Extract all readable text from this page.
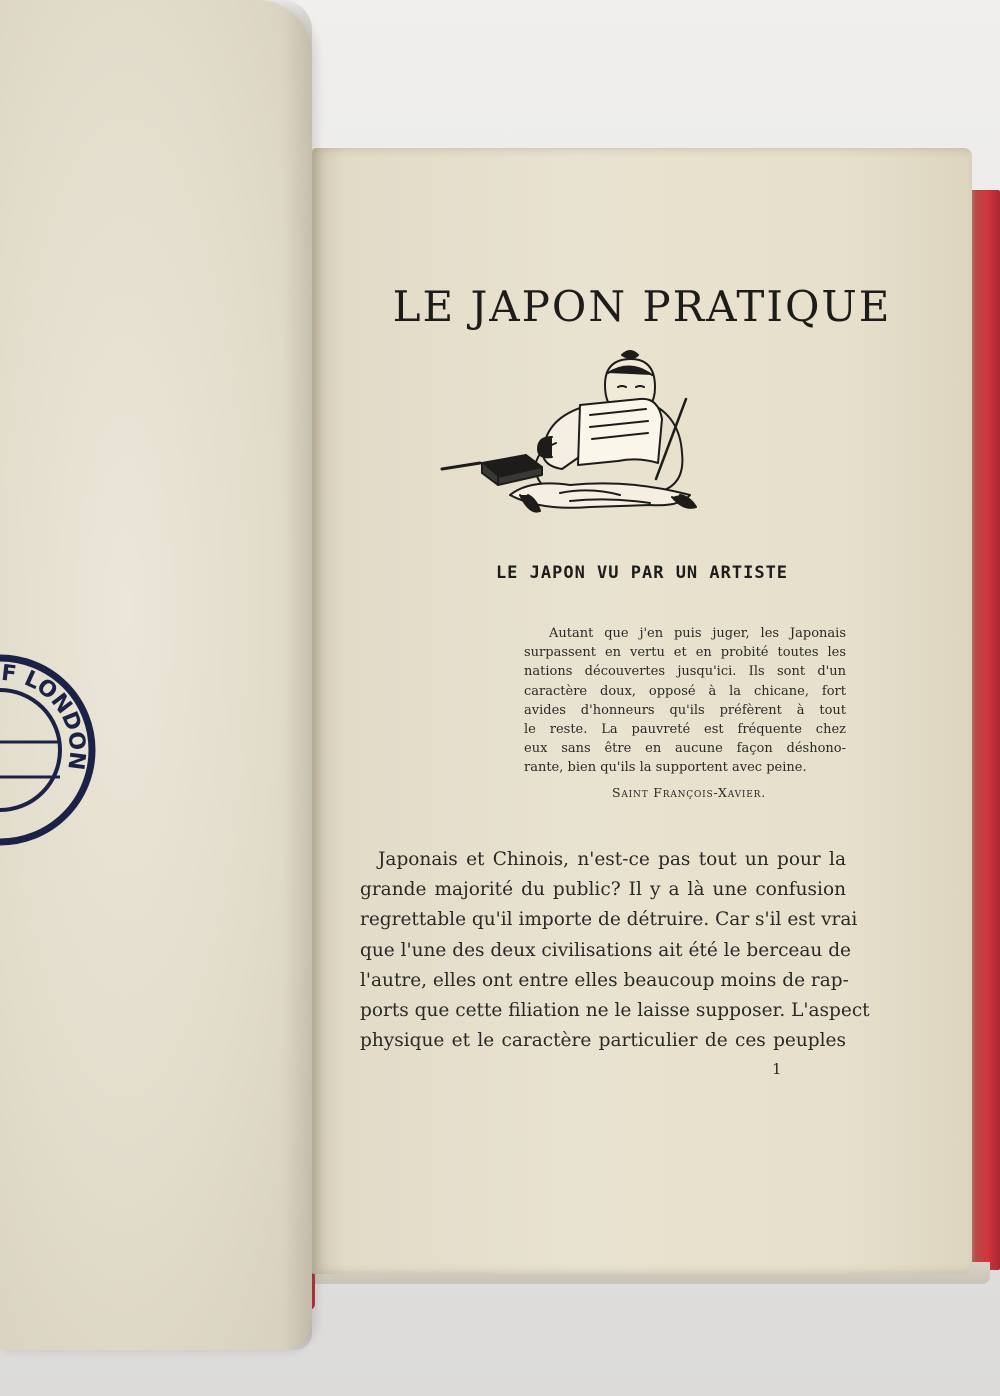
F LONDON
LE JAPON PRATIQUE
LE JAPON VU PAR UN ARTISTE
Autant que j'en puis juger, les Japonais
surpassent en vertu et en probité toutes les
nations découvertes jusqu'ici. Ils sont d'un
caractère doux, opposé à la chicane, fort
avides d'honneurs qu'ils préfèrent à tout
le reste. La pauvreté est fréquente chez
eux sans être en aucune façon déshono-
rante, bien qu'ils la supportent avec peine.
Saint François-Xavier.
Japonais et Chinois, n'est-ce pas tout un pour la
grande majorité du public? Il y a là une confusion
regrettable qu'il importe de détruire. Car s'il est vrai
que l'une des deux civilisations ait été le berceau de
l'autre, elles ont entre elles beaucoup moins de rap-
ports que cette filiation ne le laisse supposer. L'aspect
physique et le caractère particulier de ces peuples
1
